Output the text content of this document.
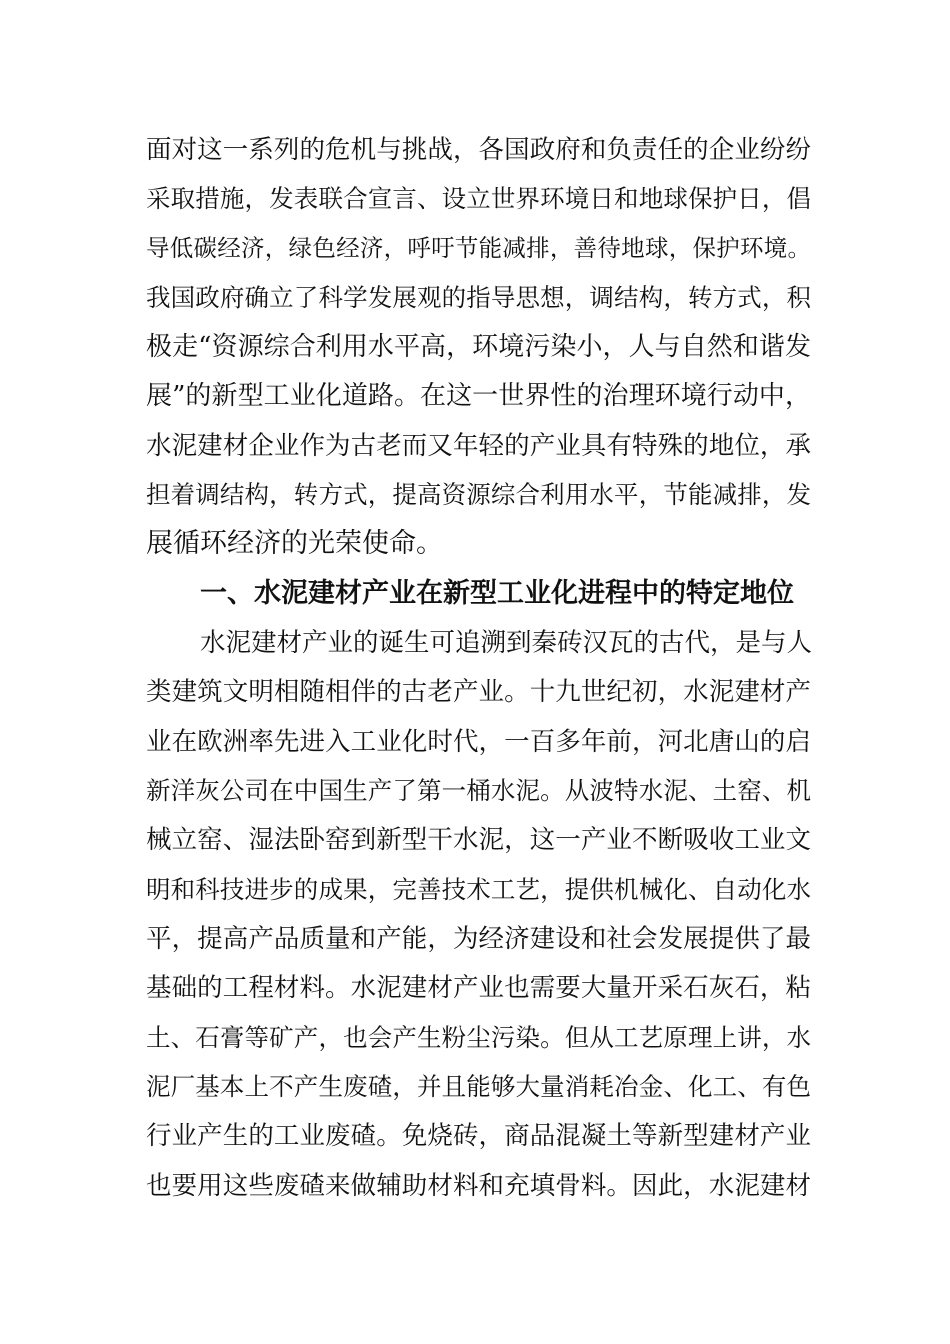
面对这一系列的危机与挑战，各国政府和负责任的企业纷纷
采取措施，发表联合宣言、设立世界环境日和地球保护日，倡
导低碳经济，绿色经济，呼吁节能减排，善待地球，保护环境。
我国政府确立了科学发展观的指导思想，调结构，转方式，积
极走“资源综合利用水平高，环境污染小，人与自然和谐发
展”的新型工业化道路。在这一世界性的治理环境行动中，
水泥建材企业作为古老而又年轻的产业具有特殊的地位，承
担着调结构，转方式，提高资源综合利用水平，节能减排，发
展循环经济的光荣使命。
一、水泥建材产业在新型工业化进程中的特定地位
水泥建材产业的诞生可追溯到秦砖汉瓦的古代，是与人
类建筑文明相随相伴的古老产业。十九世纪初，水泥建材产
业在欧洲率先进入工业化时代，一百多年前，河北唐山的启
新洋灰公司在中国生产了第一桶水泥。从波特水泥、土窑、机
械立窑、湿法卧窑到新型干水泥，这一产业不断吸收工业文
明和科技进步的成果，完善技术工艺，提供机械化、自动化水
平，提高产品质量和产能，为经济建设和社会发展提供了最
基础的工程材料。水泥建材产业也需要大量开采石灰石，粘
土、石膏等矿产，也会产生粉尘污染。但从工艺原理上讲，水
泥厂基本上不产生废碴，并且能够大量消耗冶金、化工、有色
行业产生的工业废碴。免烧砖，商品混凝土等新型建材产业
也要用这些废碴来做辅助材料和充填骨料。因此，水泥建材
